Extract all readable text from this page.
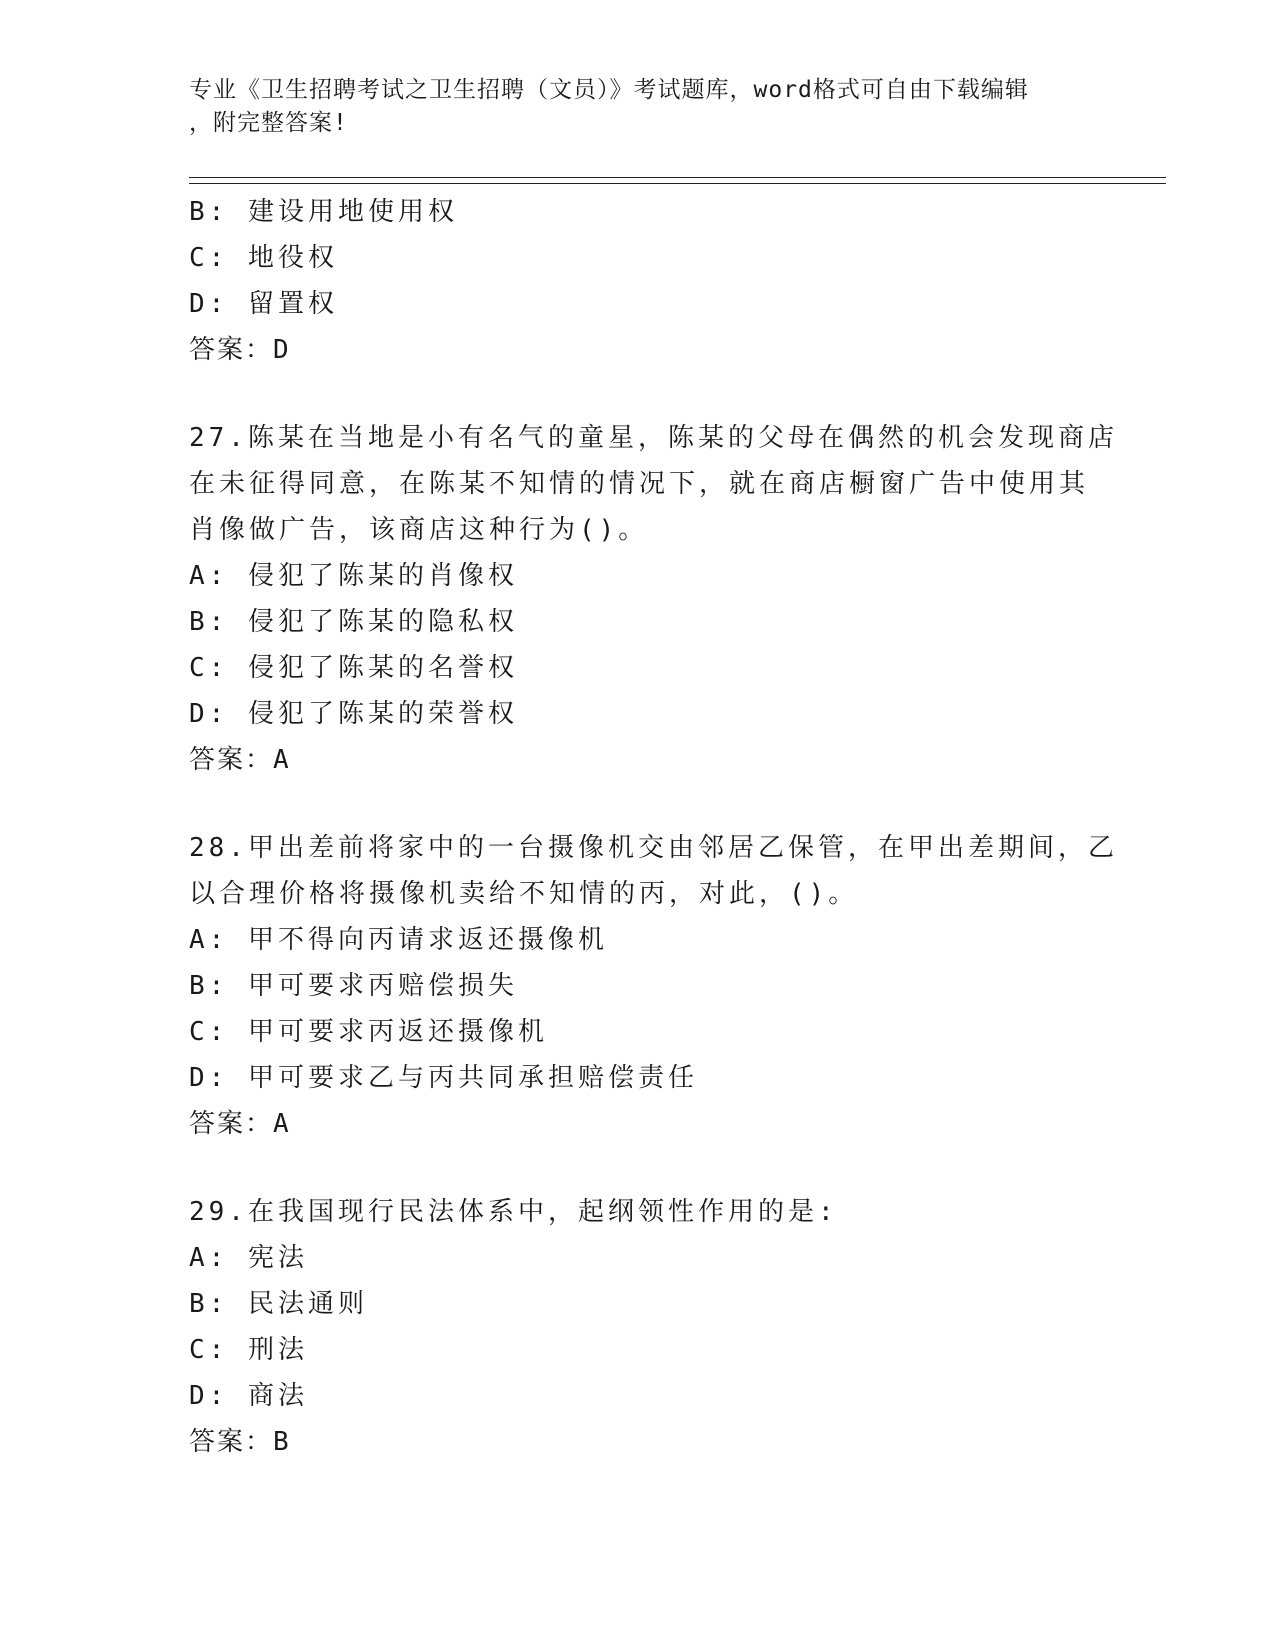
专业《卫生招聘考试之卫生招聘（文员）》考试题库，word格式可自由下载编辑
，附完整答案!
B: 建设用地使用权
C: 地役权
D: 留置权
答案：D
27.陈某在当地是小有名气的童星，陈某的父母在偶然的机会发现商店
在未征得同意，在陈某不知情的情况下，就在商店橱窗广告中使用其
肖像做广告，该商店这种行为()。
A: 侵犯了陈某的肖像权
B: 侵犯了陈某的隐私权
C: 侵犯了陈某的名誉权
D: 侵犯了陈某的荣誉权
答案：A
28.甲出差前将家中的一台摄像机交由邻居乙保管，在甲出差期间，乙
以合理价格将摄像机卖给不知情的丙，对此，()。
A: 甲不得向丙请求返还摄像机
B: 甲可要求丙赔偿损失
C: 甲可要求丙返还摄像机
D: 甲可要求乙与丙共同承担赔偿责任
答案：A
29.在我国现行民法体系中，起纲领性作用的是:
A: 宪法
B: 民法通则
C: 刑法
D: 商法
答案：B
